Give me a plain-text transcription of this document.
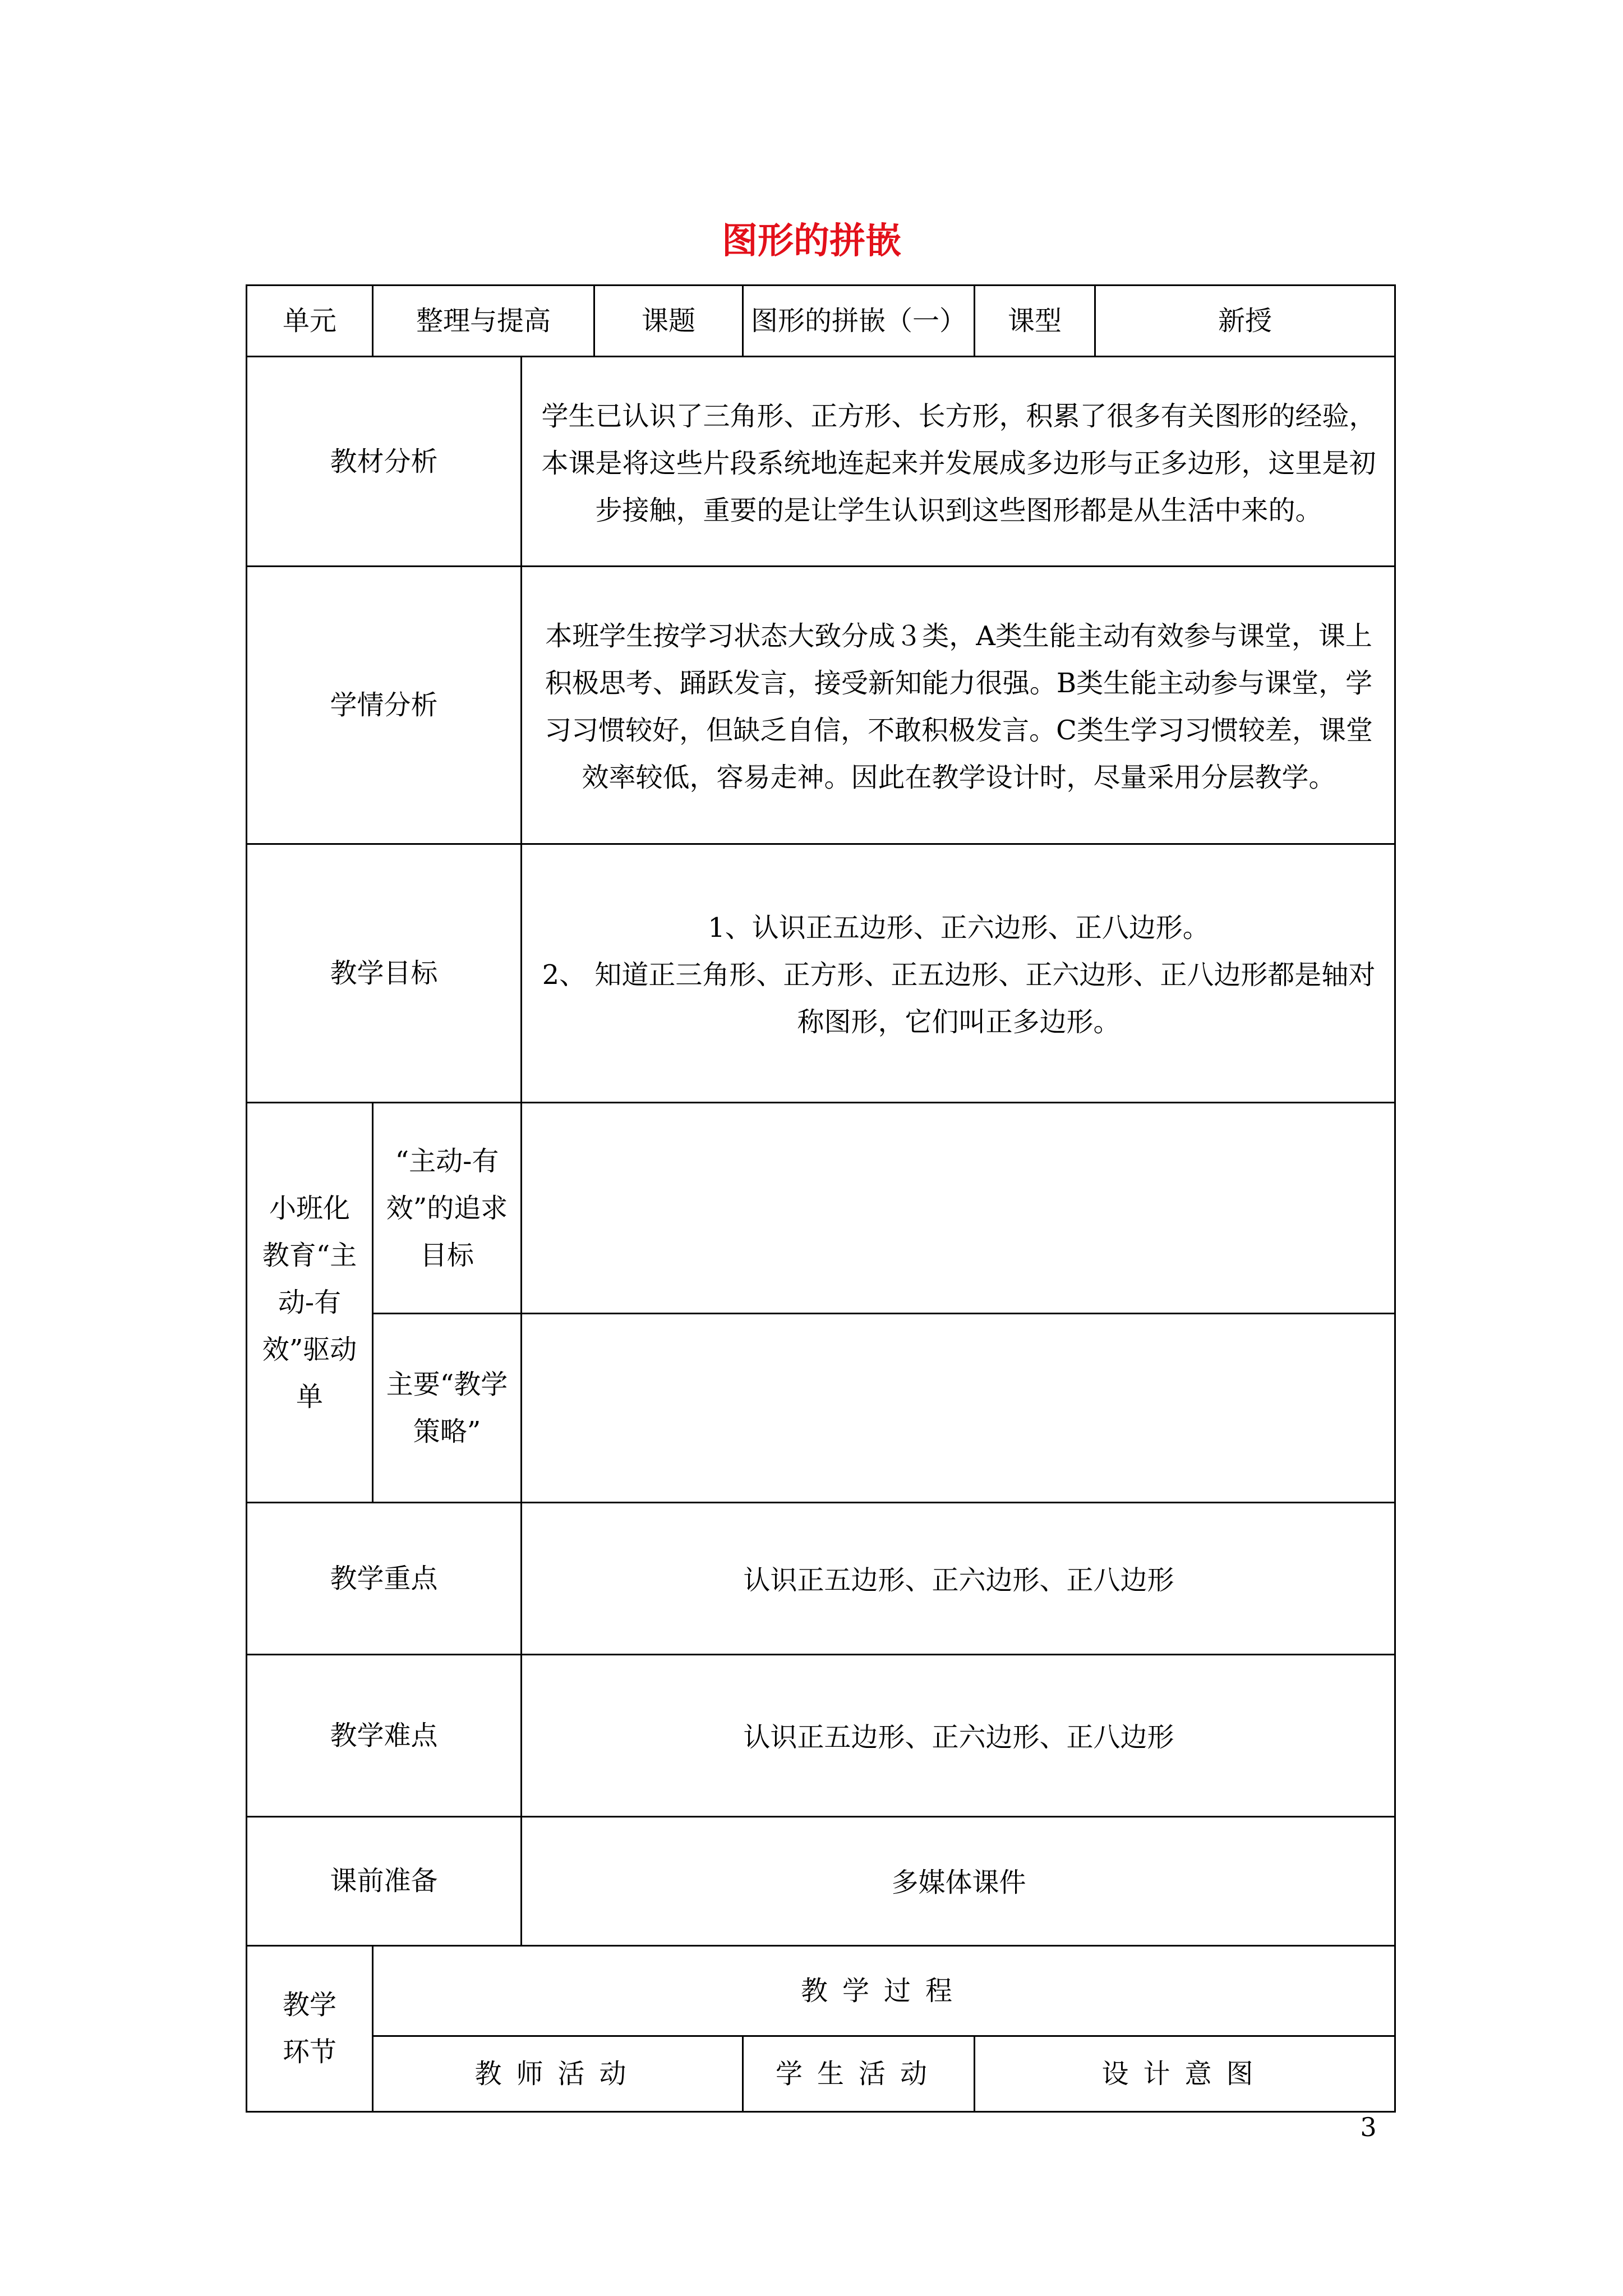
图形的拼嵌
单元	整理与提高		课题	图形的拼嵌（一）	课型	新授
教材分析		学生已认识了三角形、正方形、长方形，积累了很多有关图形的经验，本课是将这些片段系统地连起来并发展成多边形与正多边形，这里是初步接触，重要的是让学生认识到这些图形都是从生活中来的。				
学情分析		本班学生按学习状态大致分成３类，A类生能主动有效参与课堂，课上积极思考、踊跃发言，接受新知能力很强。B类生能主动参与课堂，学习习惯较好，但缺乏自信，不敢积极发言。C类生学习习惯较差，课堂效率较低，容易走神。因此在教学设计时，尽量采用分层教学。				
教学目标		1、认识正五边形、正六边形、正八边形。

2、 知道正三角形、正方形、正五边形、正六边形、正八边形都是轴对称图形，它们叫正多边形。				

小班化教育“主动-有效”驱动单	“主动-有效”的追求目标					
	主要“教学策略”					
教学重点		认识正五边形、正六边形、正八边形				
教学难点		认识正五边形、正六边形、正八边形				
课前准备		多媒体课件				
教学环节	教学过程					
	教师活动			学生活动	设计意图	
3
